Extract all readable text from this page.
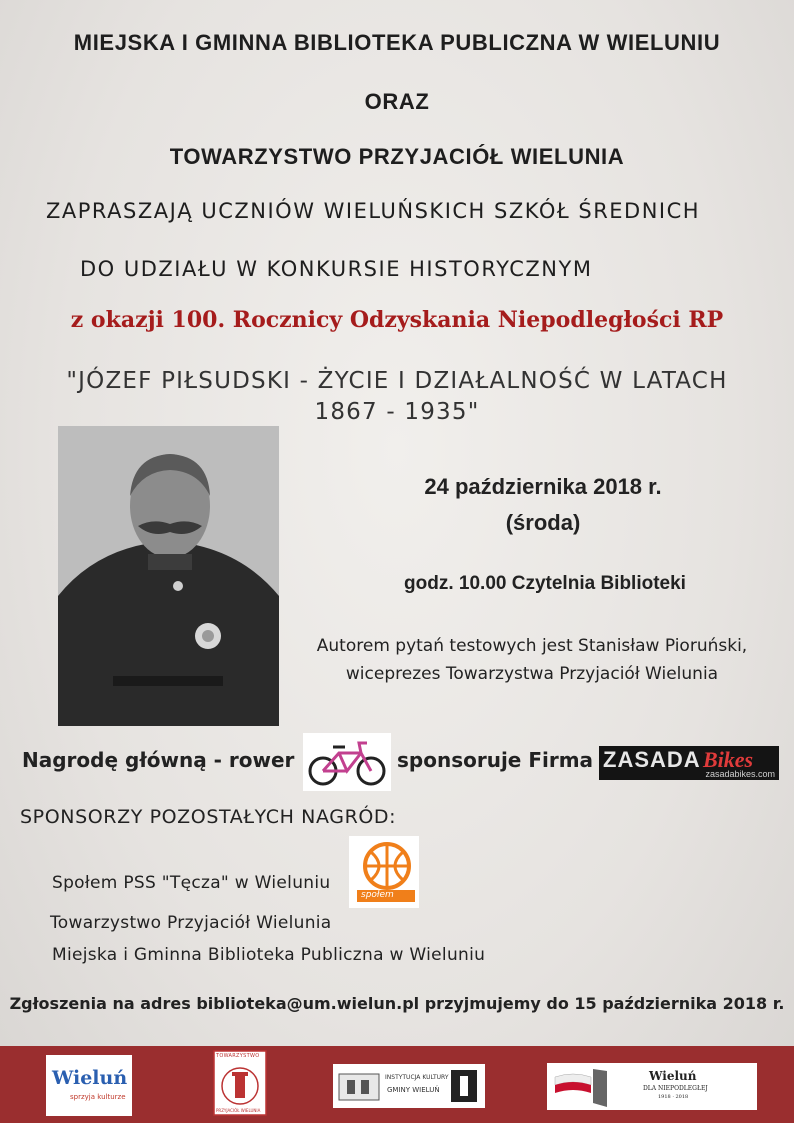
MIEJSKA I GMINNA BIBLIOTEKA PUBLICZNA W WIELUNIU
ORAZ
TOWARZYSTWO PRZYJACIÓŁ WIELUNIA
ZAPRASZAJĄ UCZNIÓW WIELUŃSKICH SZKÓŁ ŚREDNICH
DO UDZIAŁU W KONKURSIE HISTORYCZNYM
z okazji 100. Rocznicy Odzyskania Niepodległości RP
"JÓZEF PIŁSUDSKI - ŻYCIE I DZIAŁALNOŚĆ W LATACH
1867 - 1935"
24 października 2018 r.
(środa)
godz. 10.00 Czytelnia Biblioteki
Autorem pytań testowych jest Stanisław Pioruński,
wiceprezes Towarzystwa Przyjaciół Wielunia
Nagrodę główną - rower	sponsoruje Firma ZASADA Bikes
zasadabikes.com
SPONSORZY POZOSTAŁYCH NAGRÓD:
Społem PSS "Tęcza" w Wieluniu
społem
Towarzystwo Przyjaciół Wielunia
Miejska i Gminna Biblioteka Publiczna w Wieluniu
Zgłoszenia na adres biblioteka@um.wielun.pl przyjmujemy do 15 października 2018 r.
Wieluń
sprzyja kulturze
TOWARZYSTWO
PRZYJACIÓŁ WIELUNIA
INSTYTUCJA KULTURY
GMINY WIELUŃ
Wieluń
DLA NIEPODLEGŁEJ
1918 · 2018
